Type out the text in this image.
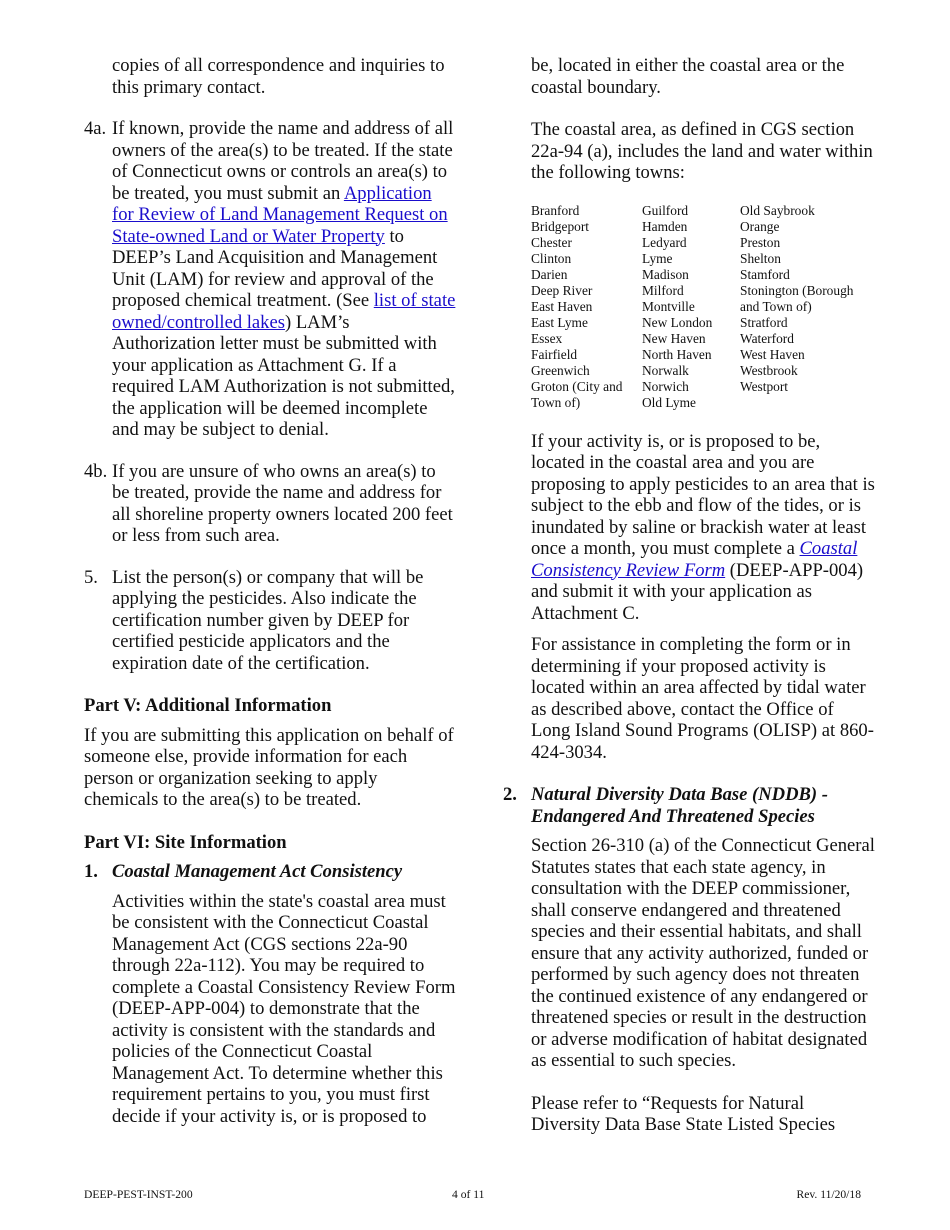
copies of all correspondence and inquiries to this primary contact.

4a. If known, provide the name and address of all owners of the area(s) to be treated. If the state of Connecticut owns or controls an area(s) to be treated, you must submit an Application for Review of Land Management Request on State-owned Land or Water Property to DEEP’s Land Acquisition and Management Unit (LAM) for review and approval of the proposed chemical treatment. (See list of state owned/controlled lakes) LAM’s Authorization letter must be submitted with your application as Attachment G. If a required LAM Authorization is not submitted, the application will be deemed incomplete and may be subject to denial.

4b. If you are unsure of who owns an area(s) to be treated, provide the name and address for all shoreline property owners located 200 feet or less from such area.

5. List the person(s) or company that will be applying the pesticides. Also indicate the certification number given by DEEP for certified pesticide applicators and the expiration date of the certification.

Part V: Additional Information

If you are submitting this application on behalf of someone else, provide information for each person or organization seeking to apply chemicals to the area(s) to be treated.

Part VI: Site Information
1. Coastal Management Act Consistency

Activities within the state's coastal area must be consistent with the Connecticut Coastal Management Act (CGS sections 22a-90 through 22a-112). You may be required to complete a Coastal Consistency Review Form (DEEP-APP-004) to demonstrate that the activity is consistent with the standards and policies of the Connecticut Coastal Management Act. To determine whether this requirement pertains to you, you must first decide if your activity is, or is proposed to

be, located in either the coastal area or the coastal boundary.

The coastal area, as defined in CGS section 22a-94 (a), includes the land and water within the following towns:

Branford
Bridgeport
Chester
Clinton
Darien
Deep River
East Haven
East Lyme
Essex
Fairfield
Greenwich
Groton (City and
Town of)
Guilford
Hamden
Ledyard
Lyme
Madison
Milford
Montville
New London
New Haven
North Haven
Norwalk
Norwich
Old Lyme
Old Saybrook
Orange
Preston
Shelton
Stamford
Stonington (Borough
and Town of)
Stratford
Waterford
West Haven
Westbrook
Westport

If your activity is, or is proposed to be, located in the coastal area and you are proposing to apply pesticides to an area that is subject to the ebb and flow of the tides, or is inundated by saline or brackish water at least once a month, you must complete a Coastal Consistency Review Form (DEEP-APP-004) and submit it with your application as Attachment C.

For assistance in completing the form or in determining if your proposed activity is located within an area affected by tidal water as described above, contact the Office of Long Island Sound Programs (OLISP) at 860-424-3034.

2. Natural Diversity Data Base (NDDB) - Endangered And Threatened Species

Section 26-310 (a) of the Connecticut General Statutes states that each state agency, in consultation with the DEEP commissioner, shall conserve endangered and threatened species and their essential habitats, and shall ensure that any activity authorized, funded or performed by such agency does not threaten the continued existence of any endangered or threatened species or result in the destruction or adverse modification of habitat designated as essential to such species.

Please refer to “Requests for Natural Diversity Data Base State Listed Species

DEEP-PEST-INST-200	4 of 11	Rev. 11/20/18
